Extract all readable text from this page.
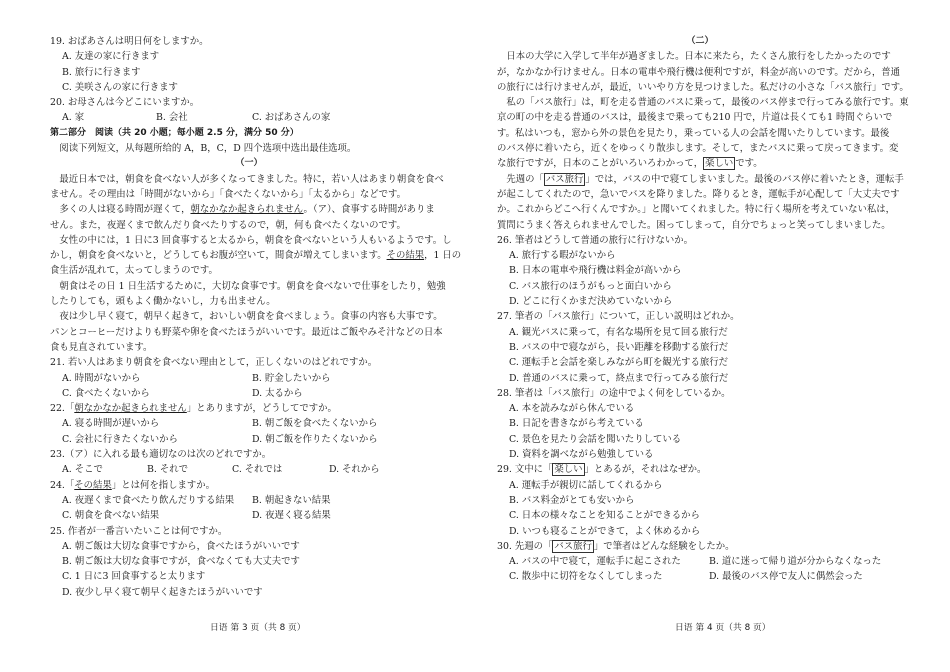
19. おばあさんは明日何をしますか。
A. 友達の家に行きます
B. 旅行に行きます
C. 美咲さんの家に行きます
20. お母さんは今どこにいますか。
A. 家	B. 会社	C. おばあさんの家
第二部分　阅读（共 20 小题；每小题 2.5 分，满分 50 分）
阅读下列短文，从每题所给的 A，B，C，D 四个选项中选出最佳选项。
（一）
最近日本では，朝食を食べない人が多くなってきました。特に，若い人はあまり朝食を食べ
ません。その理由は「時間がないから」「食べたくないから」「太るから」などです。
多くの人は寝る時間が遅くて，朝なかなか起きられません。（ア）、食事する時間がありま
せん。また，夜遅くまで飲んだり食べたりするので，朝，何も食べたくないのです。
女性の中には，1 日に3 回食事すると太るから，朝食を食べないという人もいるようです。し
かし，朝食を食べないと，どうしてもお腹が空いて，間食が増えてしまいます。その結果，1 日の
食生活が乱れて，太ってしまうのです。
朝食はその日 1 日生活するために，大切な食事です。朝食を食べないで仕事をしたり，勉強
したりしても，頭もよく働かないし，力も出ません。
夜は少し早く寝て，朝早く起きて，おいしい朝食を食べましょう。食事の内容も大事です。
パンとコーヒーだけよりも野菜や卵を食べたほうがいいです。最近はご飯やみそ汁などの日本
食も見直されています。
21. 若い人はあまり朝食を食べない理由として，正しくないのはどれですか。
A. 時間がないから	B. 貯金したいから
C. 食べたくないから	D. 太るから
22.「朝なかなか起きられません」とありますが，どうしてですか。
A. 寝る時間が遅いから	B. 朝ご飯を食べたくないから
C. 会社に行きたくないから	D. 朝ご飯を作りたくないから
23.（ア）に入れる最も適切なのは次のどれですか。
A. そこで	B. それで	C. それでは	D. それから
24.「その結果」とは何を指しますか。
A. 夜遅くまで食べたり飲んだりする結果	B. 朝起きない結果
C. 朝食を食べない結果	D. 夜遅く寝る結果
25. 作者が一番言いたいことは何ですか。
A. 朝ご飯は大切な食事ですから，食べたほうがいいです
B. 朝ご飯は大切な食事ですが，食べなくても大丈夫です
C. 1 日に3 回食事すると太ります
D. 夜少し早く寝て朝早く起きたほうがいいです
日语 第 3 页（共 8 页）
（二）
日本の大学に入学して半年が過ぎました。日本に来たら，たくさん旅行をしたかったのです
が，なかなか行けません。日本の電車や飛行機は便利ですが，料金が高いのです。だから，普通
の旅行には行けませんが，最近，いいやり方を見つけました。私だけの小さな「バス旅行」です。
私の「バス旅行」は，町を走る普通のバスに乗って，最後のバス停まで行ってみる旅行です。東
京の町の中を走る普通のバスは，最後まで乗っても210 円で，片道は長くても1 時間ぐらいで
す。私はいつも，窓から外の景色を見たり，乗っている人の会話を聞いたりしています。最後
のバス停に着いたら，近くをゆっくり散歩します。そして，またバスに乗って戻ってきます。変
な旅行ですが，日本のことがいろいろわかって， 楽しい です。
先週の「 バス旅行 」では，バスの中で寝てしまいました。最後のバス停に着いたとき，運転手
が起こしてくれたので，急いでバスを降りました。降りるとき，運転手が心配して「大丈夫です
か。これからどこへ行くんですか。」と聞いてくれました。特に行く場所を考えていない私は，
質問にうまく答えられませんでした。困ってしまって，自分でちょっと笑ってしまいました。
26. 筆者はどうして普通の旅行に行けないか。
A. 旅行する暇がないから
B. 日本の電車や飛行機は料金が高いから
C. バス旅行のほうがもっと面白いから
D. どこに行くかまだ決めていないから
27. 筆者の「バス旅行」について，正しい説明はどれか。
A. 観光バスに乗って，有名な場所を見て回る旅行だ
B. バスの中で寝ながら，長い距離を移動する旅行だ
C. 運転手と会話を楽しみながら町を観光する旅行だ
D. 普通のバスに乗って，終点まで行ってみる旅行だ
28. 筆者は「バス旅行」の途中でよく何をしているか。
A. 本を読みながら休んでいる
B. 日記を書きながら考えている
C. 景色を見たり会話を聞いたりしている
D. 資料を調べながら勉強している
29. 文中に「 楽しい 」とあるが，それはなぜか。
A. 運転手が親切に話してくれるから
B. バス料金がとても安いから
C. 日本の様々なことを知ることができるから
D. いつも寝ることができて，よく休めるから
30. 先週の「 バス旅行 」で筆者はどんな経験をしたか。
A. バスの中で寝て，運転手に起こされた	B. 道に迷って帰り道が分からなくなった
C. 散歩中に切符をなくしてしまった	D. 最後のバス停で友人に偶然会った
日语 第 4 页（共 8 页）
